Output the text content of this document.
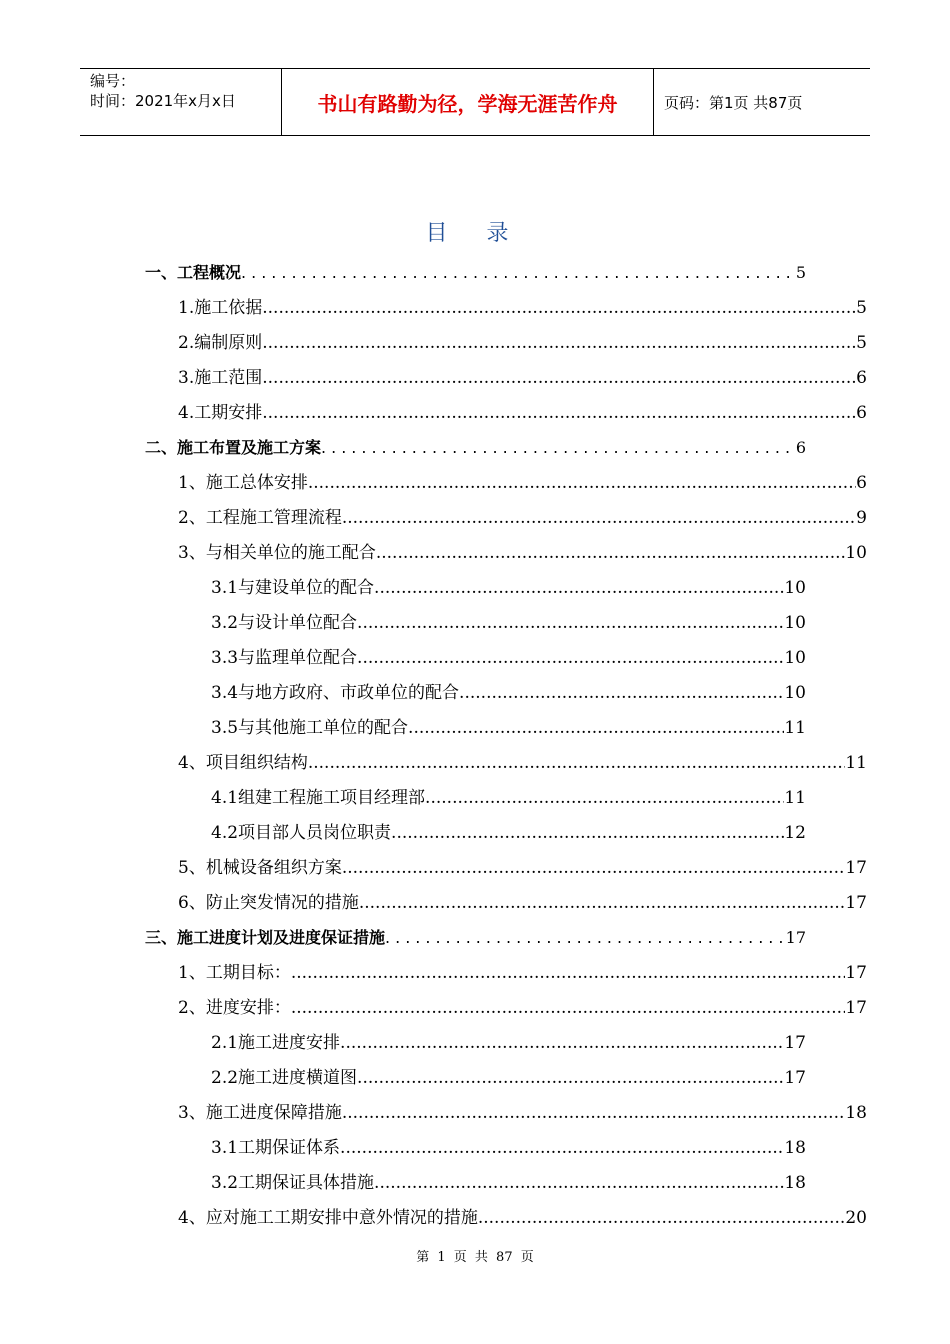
编号：
时间：2021年x月x日	书山有路勤为径，学海无涯苦作舟	页码：第1页 共87页
目 录
一、工程概况 .....	5
1.施工依据 .....	5
2.编制原则 .....	5
3.施工范围 .....	6
4.工期安排 .....	6
二、施工布置及施工方案 .....	6
1、施工总体安排 .....	6
2、工程施工管理流程 .....	9
3、与相关单位的施工配合 .....	10
3.1与建设单位的配合 .....	10
3.2与设计单位配合 .....	10
3.3与监理单位配合 .....	10
3.4与地方政府、市政单位的配合 .....	10
3.5与其他施工单位的配合 .....	11
4、项目组织结构 .....	11
4.1组建工程施工项目经理部 .....	11
4.2项目部人员岗位职责 .....	12
5、机械设备组织方案 .....	17
6、防止突发情况的措施 .....	17
三、施工进度计划及进度保证措施 .....	17
1、工期目标： .....	17
2、进度安排： .....	17
2.1施工进度安排 .....	17
2.2施工进度横道图 .....	17
3、施工进度保障措施 .....	18
3.1工期保证体系 .....	18
3.2工期保证具体措施 .....	18
4、应对施工工期安排中意外情况的措施 .....	20
第 1 页 共 87 页
